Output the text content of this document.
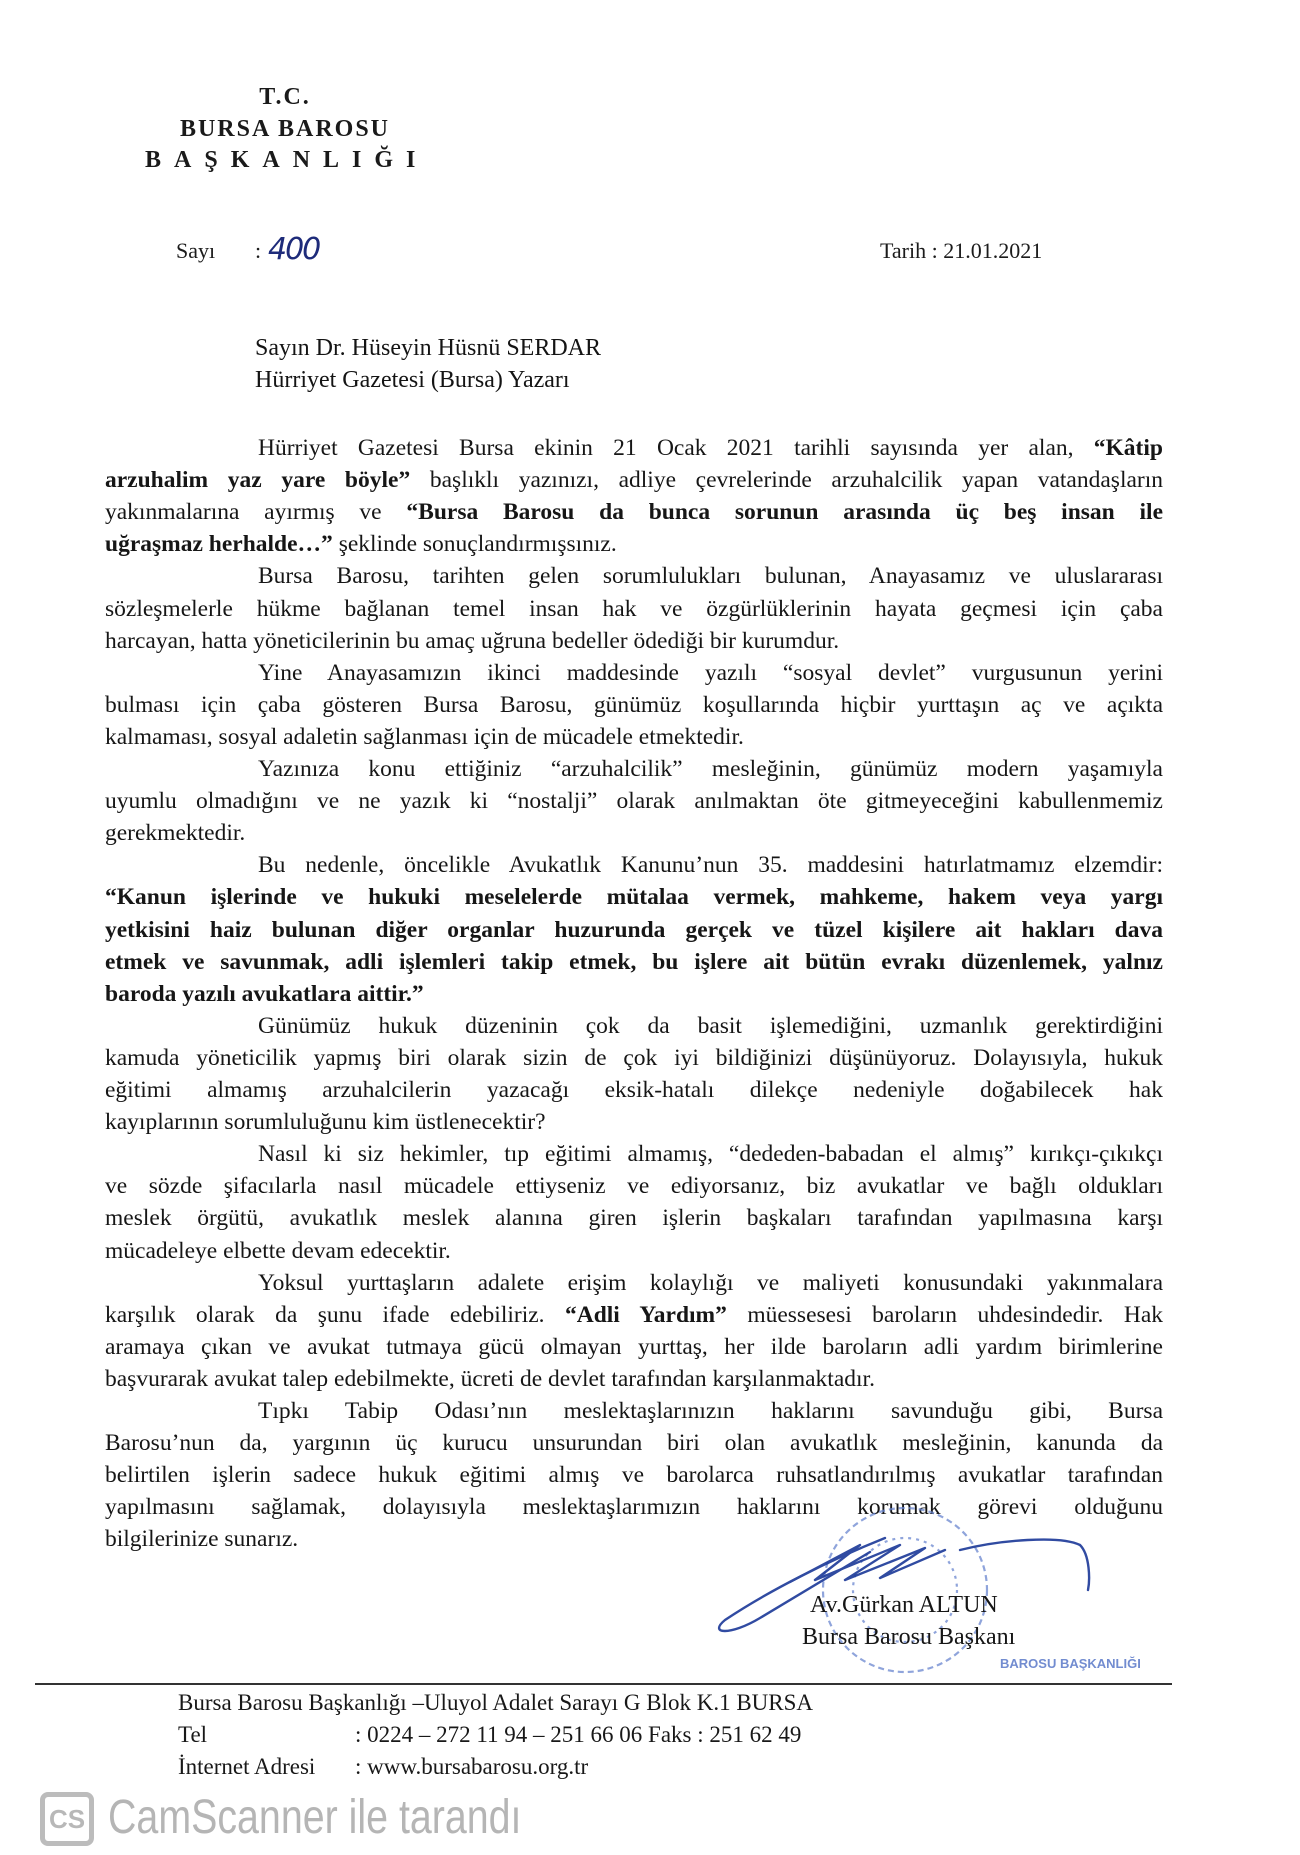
T.C.
BURSA BAROSU
BAŞKANLIĞI
Sayı : 400	Tarih : 21.01.2021
Sayın Dr. Hüseyin Hüsnü SERDAR
Hürriyet Gazetesi (Bursa) Yazarı
Hürriyet Gazetesi Bursa ekinin 21 Ocak 2021 tarihli sayısında yer alan, “Kâtip
arzuhalim yaz yare böyle” başlıklı yazınızı, adliye çevrelerinde arzuhalcilik yapan vatandaşların
yakınmalarına ayırmış ve “Bursa Barosu da bunca sorunun arasında üç beş insan ile
uğraşmaz herhalde…” şeklinde sonuçlandırmışsınız.
Bursa Barosu, tarihten gelen sorumlulukları bulunan, Anayasamız ve uluslararası
sözleşmelerle hükme bağlanan temel insan hak ve özgürlüklerinin hayata geçmesi için çaba
harcayan, hatta yöneticilerinin bu amaç uğruna bedeller ödediği bir kurumdur.
Yine Anayasamızın ikinci maddesinde yazılı “sosyal devlet” vurgusunun yerini
bulması için çaba gösteren Bursa Barosu, günümüz koşullarında hiçbir yurttaşın aç ve açıkta
kalmaması, sosyal adaletin sağlanması için de mücadele etmektedir.
Yazınıza konu ettiğiniz “arzuhalcilik” mesleğinin, günümüz modern yaşamıyla
uyumlu olmadığını ve ne yazık ki “nostalji” olarak anılmaktan öte gitmeyeceğini kabullenmemiz
gerekmektedir.
Bu nedenle, öncelikle Avukatlık Kanunu’nun 35. maddesini hatırlatmamız elzemdir:
“Kanun işlerinde ve hukuki meselelerde mütalaa vermek, mahkeme, hakem veya yargı
yetkisini haiz bulunan diğer organlar huzurunda gerçek ve tüzel kişilere ait hakları dava
etmek ve savunmak, adli işlemleri takip etmek, bu işlere ait bütün evrakı düzenlemek, yalnız
baroda yazılı avukatlara aittir.”
Günümüz hukuk düzeninin çok da basit işlemediğini, uzmanlık gerektirdiğini
kamuda yöneticilik yapmış biri olarak sizin de çok iyi bildiğinizi düşünüyoruz. Dolayısıyla, hukuk
eğitimi almamış arzuhalcilerin yazacağı eksik-hatalı dilekçe nedeniyle doğabilecek hak
kayıplarının sorumluluğunu kim üstlenecektir?
Nasıl ki siz hekimler, tıp eğitimi almamış, “dededen-babadan el almış” kırıkçı-çıkıkçı
ve sözde şifacılarla nasıl mücadele ettiyseniz ve ediyorsanız, biz avukatlar ve bağlı oldukları
meslek örgütü, avukatlık meslek alanına giren işlerin başkaları tarafından yapılmasına karşı
mücadeleye elbette devam edecektir.
Yoksul yurttaşların adalete erişim kolaylığı ve maliyeti konusundaki yakınmalara
karşılık olarak da şunu ifade edebiliriz. “Adli Yardım” müessesesi baroların uhdesindedir. Hak
aramaya çıkan ve avukat tutmaya gücü olmayan yurttaş, her ilde baroların adli yardım birimlerine
başvurarak avukat talep edebilmekte, ücreti de devlet tarafından karşılanmaktadır.
Tıpkı Tabip Odası’nın meslektaşlarınızın haklarını savunduğu gibi, Bursa
Barosu’nun da, yargının üç kurucu unsurundan biri olan avukatlık mesleğinin, kanunda da
belirtilen işlerin sadece hukuk eğitimi almış ve barolarca ruhsatlandırılmış avukatlar tarafından
yapılmasını sağlamak, dolayısıyla meslektaşlarımızın haklarını korumak görevi olduğunu
bilgilerinize sunarız.
Av.Gürkan ALTUN
Bursa Barosu Başkanı
BAROSU BAŞKANLIĞI
Bursa Barosu Başkanlığı –Uluyol Adalet Sarayı G Blok K.1 BURSA
Tel	: 0224 – 272 11 94 – 251 66 06 Faks : 251 62 49
İnternet Adresi : www.bursabarosu.org.tr
CS CamScanner ile tarandı
